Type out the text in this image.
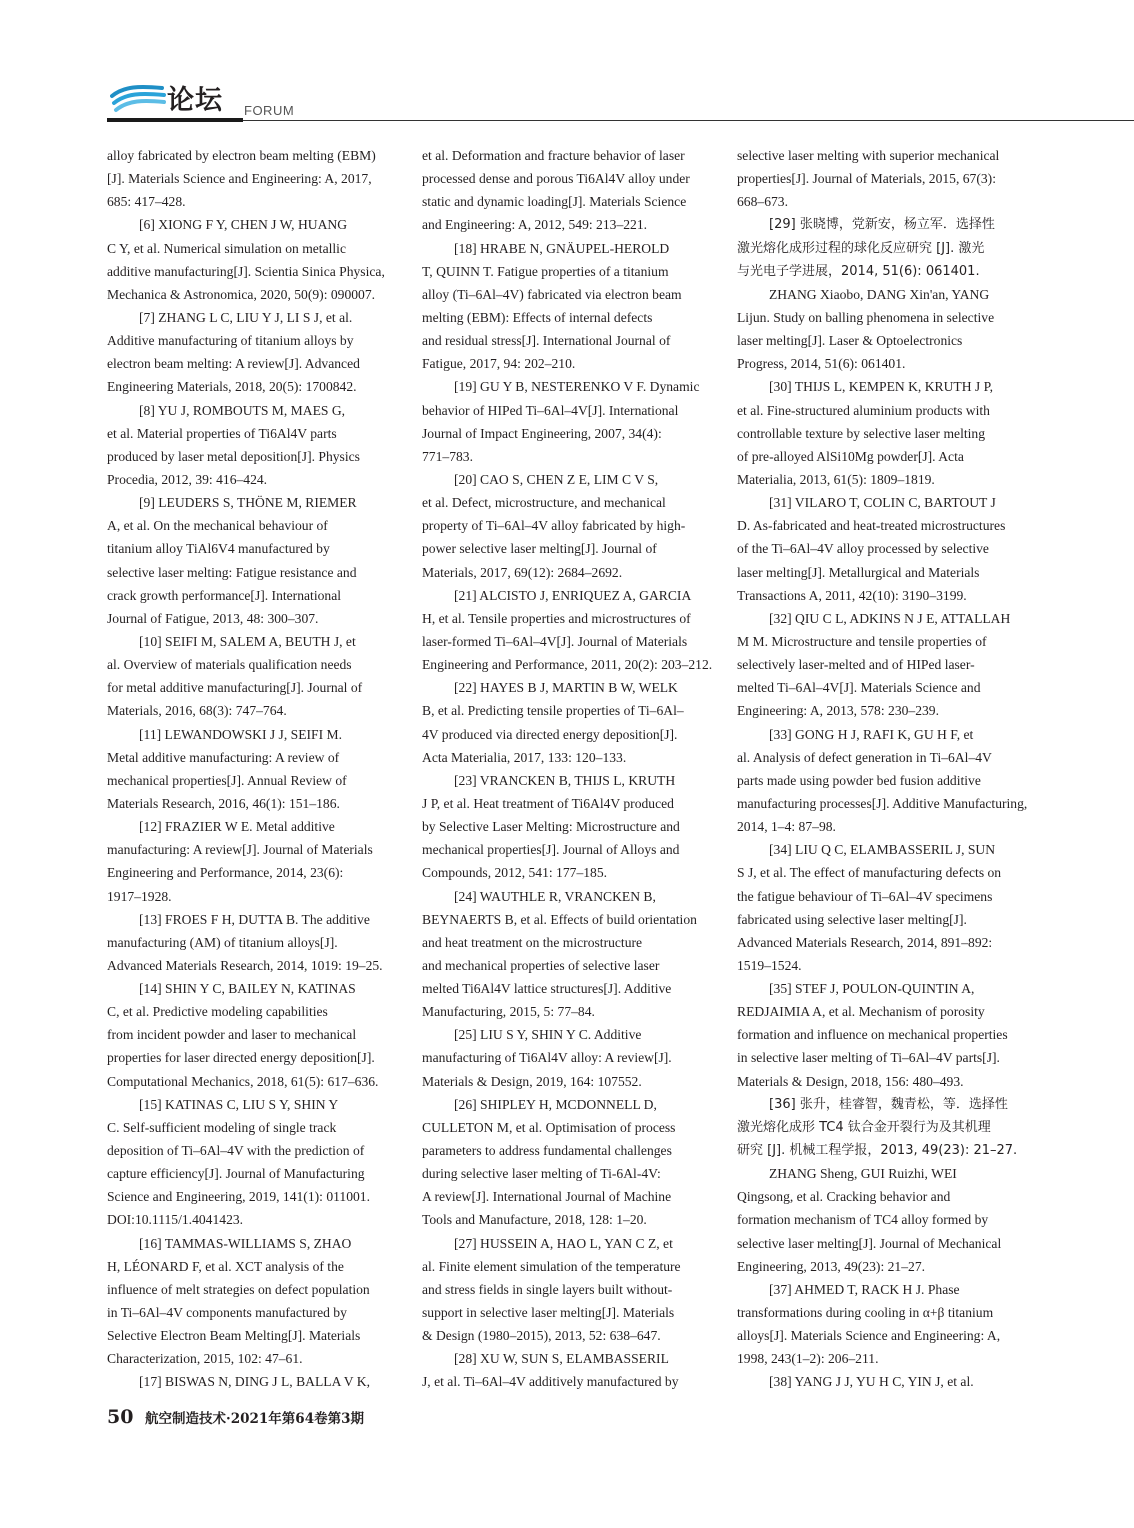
论坛 FORUM
alloy fabricated by electron beam melting (EBM)
[J]. Materials Science and Engineering: A, 2017,
685: 417–428.
[6] XIONG F Y, CHEN J W, HUANG
C Y, et al. Numerical simulation on metallic
additive manufacturing[J]. Scientia Sinica Physica,
Mechanica & Astronomica, 2020, 50(9): 090007.
[7] ZHANG L C, LIU Y J, LI S J, et al.
Additive manufacturing of titanium alloys by
electron beam melting: A review[J]. Advanced
Engineering Materials, 2018, 20(5): 1700842.
[8] YU J, ROMBOUTS M, MAES G,
et al. Material properties of Ti6Al4V parts
produced by laser metal deposition[J]. Physics
Procedia, 2012, 39: 416–424.
[9] LEUDERS S, THÖNE M, RIEMER
A, et al. On the mechanical behaviour of
titanium alloy TiAl6V4 manufactured by
selective laser melting: Fatigue resistance and
crack growth performance[J]. International
Journal of Fatigue, 2013, 48: 300–307.
[10] SEIFI M, SALEM A, BEUTH J, et
al. Overview of materials qualification needs
for metal additive manufacturing[J]. Journal of
Materials, 2016, 68(3): 747–764.
[11] LEWANDOWSKI J J, SEIFI M.
Metal additive manufacturing: A review of
mechanical properties[J]. Annual Review of
Materials Research, 2016, 46(1): 151–186.
[12] FRAZIER W E. Metal additive
manufacturing: A review[J]. Journal of Materials
Engineering and Performance, 2014, 23(6):
1917–1928.
[13] FROES F H, DUTTA B. The additive
manufacturing (AM) of titanium alloys[J].
Advanced Materials Research, 2014, 1019: 19–25.
[14] SHIN Y C, BAILEY N, KATINAS
C, et al. Predictive modeling capabilities
from incident powder and laser to mechanical
properties for laser directed energy deposition[J].
Computational Mechanics, 2018, 61(5): 617–636.
[15] KATINAS C, LIU S Y, SHIN Y
C. Self-sufficient modeling of single track
deposition of Ti–6Al–4V with the prediction of
capture efficiency[J]. Journal of Manufacturing
Science and Engineering, 2019, 141(1): 011001.
DOI:10.1115/1.4041423.
[16] TAMMAS-WILLIAMS S, ZHAO
H, LÉONARD F, et al. XCT analysis of the
influence of melt strategies on defect population
in Ti–6Al–4V components manufactured by
Selective Electron Beam Melting[J]. Materials
Characterization, 2015, 102: 47–61.
[17] BISWAS N, DING J L, BALLA V K,
et al. Deformation and fracture behavior of laser
processed dense and porous Ti6Al4V alloy under
static and dynamic loading[J]. Materials Science
and Engineering: A, 2012, 549: 213–221.
[18] HRABE N, GNÄUPEL-HEROLD
T, QUINN T. Fatigue properties of a titanium
alloy (Ti–6Al–4V) fabricated via electron beam
melting (EBM): Effects of internal defects
and residual stress[J]. International Journal of
Fatigue, 2017, 94: 202–210.
[19] GU Y B, NESTERENKO V F. Dynamic
behavior of HIPed Ti–6Al–4V[J]. International
Journal of Impact Engineering, 2007, 34(4):
771–783.
[20] CAO S, CHEN Z E, LIM C V S,
et al. Defect, microstructure, and mechanical
property of Ti–6Al–4V alloy fabricated by high-
power selective laser melting[J]. Journal of
Materials, 2017, 69(12): 2684–2692.
[21] ALCISTO J, ENRIQUEZ A, GARCIA
H, et al. Tensile properties and microstructures of
laser-formed Ti–6Al–4V[J]. Journal of Materials
Engineering and Performance, 2011, 20(2): 203–212.
[22] HAYES B J, MARTIN B W, WELK
B, et al. Predicting tensile properties of Ti–6Al–
4V produced via directed energy deposition[J].
Acta Materialia, 2017, 133: 120–133.
[23] VRANCKEN B, THIJS L, KRUTH
J P, et al. Heat treatment of Ti6Al4V produced
by Selective Laser Melting: Microstructure and
mechanical properties[J]. Journal of Alloys and
Compounds, 2012, 541: 177–185.
[24] WAUTHLE R, VRANCKEN B,
BEYNAERTS B, et al. Effects of build orientation
and heat treatment on the microstructure
and mechanical properties of selective laser
melted Ti6Al4V lattice structures[J]. Additive
Manufacturing, 2015, 5: 77–84.
[25] LIU S Y, SHIN Y C. Additive
manufacturing of Ti6Al4V alloy: A review[J].
Materials & Design, 2019, 164: 107552.
[26] SHIPLEY H, MCDONNELL D,
CULLETON M, et al. Optimisation of process
parameters to address fundamental challenges
during selective laser melting of Ti-6Al-4V:
A review[J]. International Journal of Machine
Tools and Manufacture, 2018, 128: 1–20.
[27] HUSSEIN A, HAO L, YAN C Z, et
al. Finite element simulation of the temperature
and stress fields in single layers built without-
support in selective laser melting[J]. Materials
& Design (1980–2015), 2013, 52: 638–647.
[28] XU W, SUN S, ELAMBASSERIL
J, et al. Ti–6Al–4V additively manufactured by
selective laser melting with superior mechanical
properties[J]. Journal of Materials, 2015, 67(3):
668–673.
[29] 张晓博，党新安，杨立军．选择性
激光熔化成形过程的球化反应研究 [J]. 激光
与光电子学进展，2014, 51(6): 061401.
ZHANG Xiaobo, DANG Xin'an, YANG
Lijun. Study on balling phenomena in selective
laser melting[J]. Laser & Optoelectronics
Progress, 2014, 51(6): 061401.
[30] THIJS L, KEMPEN K, KRUTH J P,
et al. Fine-structured aluminium products with
controllable texture by selective laser melting
of pre-alloyed AlSi10Mg powder[J]. Acta
Materialia, 2013, 61(5): 1809–1819.
[31] VILARO T, COLIN C, BARTOUT J
D. As-fabricated and heat-treated microstructures
of the Ti–6Al–4V alloy processed by selective
laser melting[J]. Metallurgical and Materials
Transactions A, 2011, 42(10): 3190–3199.
[32] QIU C L, ADKINS N J E, ATTALLAH
M M. Microstructure and tensile properties of
selectively laser-melted and of HIPed laser-
melted Ti–6Al–4V[J]. Materials Science and
Engineering: A, 2013, 578: 230–239.
[33] GONG H J, RAFI K, GU H F, et
al. Analysis of defect generation in Ti–6Al–4V
parts made using powder bed fusion additive
manufacturing processes[J]. Additive Manufacturing,
2014, 1–4: 87–98.
[34] LIU Q C, ELAMBASSERIL J, SUN
S J, et al. The effect of manufacturing defects on
the fatigue behaviour of Ti–6Al–4V specimens
fabricated using selective laser melting[J].
Advanced Materials Research, 2014, 891–892:
1519–1524.
[35] STEF J, POULON-QUINTIN A,
REDJAIMIA A, et al. Mechanism of porosity
formation and influence on mechanical properties
in selective laser melting of Ti–6Al–4V parts[J].
Materials & Design, 2018, 156: 480–493.
[36] 张升，桂睿智，魏青松，等．选择性
激光熔化成形 TC4 钛合金开裂行为及其机理
研究 [J]. 机械工程学报，2013, 49(23): 21–27.
ZHANG Sheng, GUI Ruizhi, WEI
Qingsong, et al. Cracking behavior and
formation mechanism of TC4 alloy formed by
selective laser melting[J]. Journal of Mechanical
Engineering, 2013, 49(23): 21–27.
[37] AHMED T, RACK H J. Phase
transformations during cooling in α+β titanium
alloys[J]. Materials Science and Engineering: A,
1998, 243(1–2): 206–211.
[38] YANG J J, YU H C, YIN J, et al.
50 航空制造技术·2021年第64卷第3期
